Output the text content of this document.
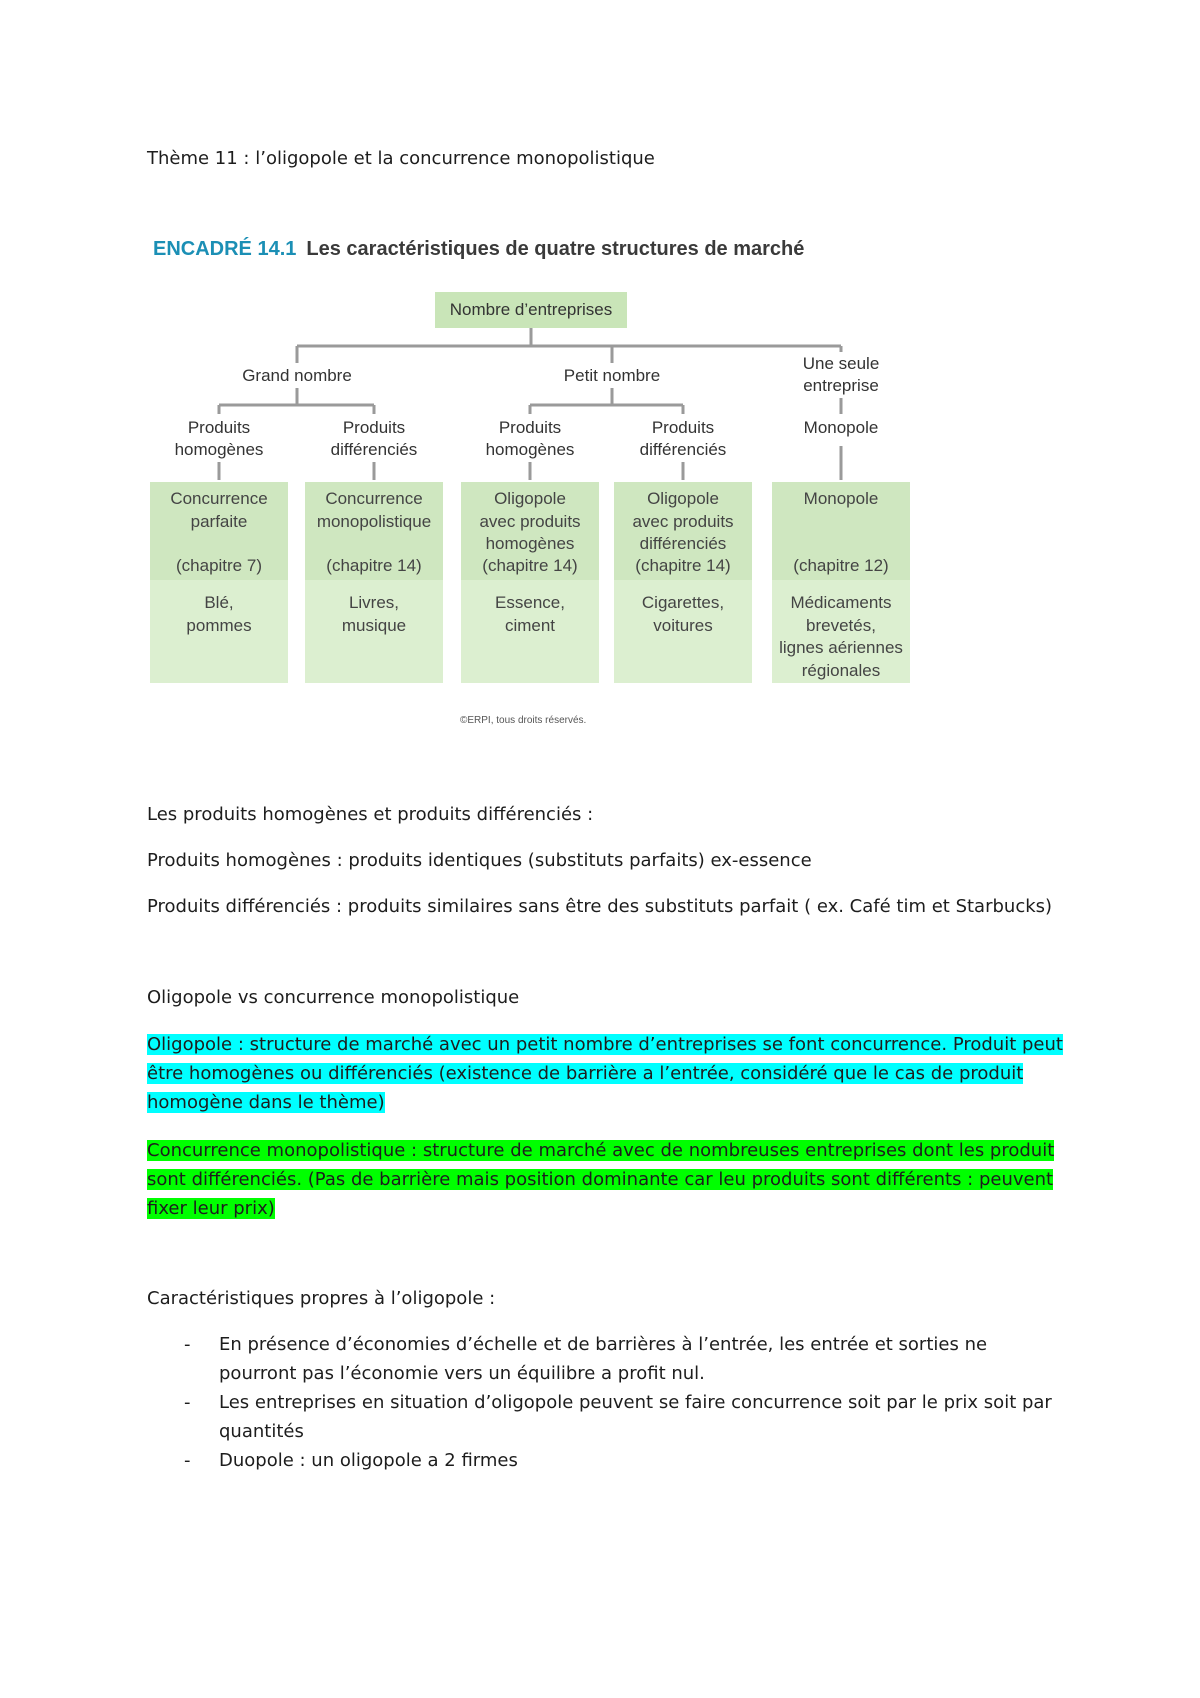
Thème 11 : l’oligopole et la concurrence monopolistique
ENCADRÉ 14.1 Les caractéristiques de quatre structures de marché
Nombre d’entreprises
Grand nombre	Petit nombre
Une seule
entreprise
Produits
homogènes
Produits
différenciés
Produits
homogènes
Produits
différenciés
Monopole
Concurrence
parfaite
(chapitre 7)
Blé,
pommes
Concurrence
monopolistique
(chapitre 14)
Livres,
musique
Oligopole
avec produits
homogènes
(chapitre 14)
Essence,
ciment
Oligopole
avec produits
différenciés
(chapitre 14)
Cigarettes,
voitures
Monopole
(chapitre 12)
Médicaments
brevetés,
lignes aériennes
régionales
©ERPI, tous droits réservés.
Les produits homogènes et produits différenciés :
Produits homogènes : produits identiques (substituts parfaits) ex-essence
Produits différenciés : produits similaires sans être des substituts parfait ( ex. Café tim et Starbucks)
Oligopole vs concurrence monopolistique
Oligopole : structure de marché avec un petit nombre d’entreprises se font concurrence. Produit peut être homogènes ou différenciés (existence de barrière a l’entrée, considéré que le cas de produit homogène dans le thème)
Concurrence monopolistique : structure de marché avec de nombreuses entreprises dont les produit sont différenciés. (Pas de barrière mais position dominante car leu produits sont différents : peuvent fixer leur prix)
Caractéristiques propres à l’oligopole :
- En présence d’économies d’échelle et de barrières à l’entrée, les entrée et sorties ne pourront pas l’économie vers un équilibre a profit nul.
- Les entreprises en situation d’oligopole peuvent se faire concurrence soit par le prix soit par quantités
- Duopole : un oligopole a 2 firmes
